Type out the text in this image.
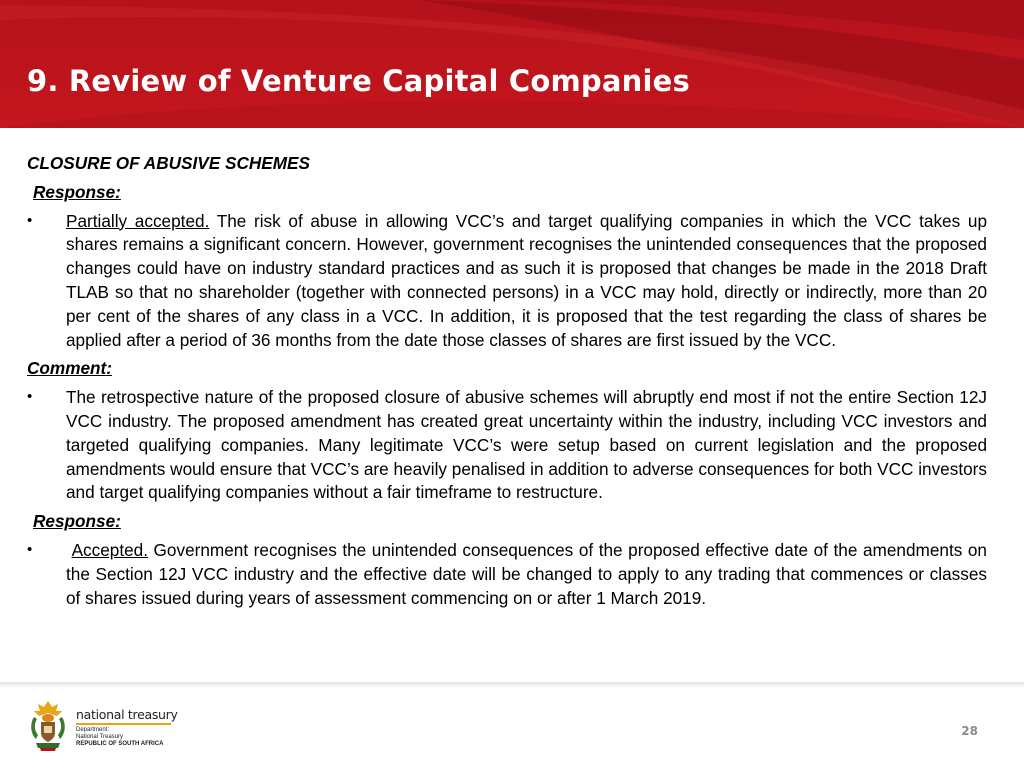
9. Review of Venture Capital Companies
CLOSURE OF ABUSIVE SCHEMES
Response:
• Partially accepted. The risk of abuse in allowing VCC’s and target qualifying companies in which the VCC takes up shares remains a significant concern. However, government recognises the unintended consequences that the proposed changes could have on industry standard practices and as such it is proposed that changes be made in the 2018 Draft TLAB so that no shareholder (together with connected persons) in a VCC may hold, directly or indirectly, more than 20 per cent of the shares of any class in a VCC. In addition, it is proposed that the test regarding the class of shares be applied after a period of 36 months from the date those classes of shares are first issued by the VCC.
Comment:
• The retrospective nature of the proposed closure of abusive schemes will abruptly end most if not the entire Section 12J VCC industry. The proposed amendment has created great uncertainty within the industry, including VCC investors and targeted qualifying companies. Many legitimate VCC’s were setup based on current legislation and the proposed amendments would ensure that VCC’s are heavily penalised in addition to adverse consequences for both VCC investors and target qualifying companies without a fair timeframe to restructure.
Response:
• Accepted. Government recognises the unintended consequences of the proposed effective date of the amendments on the Section 12J VCC industry and the effective date will be changed to apply to any trading that commences or classes of shares issued during years of assessment commencing on or after 1 March 2019.
national treasury
Department:
National Treasury
REPUBLIC OF SOUTH AFRICA
28
